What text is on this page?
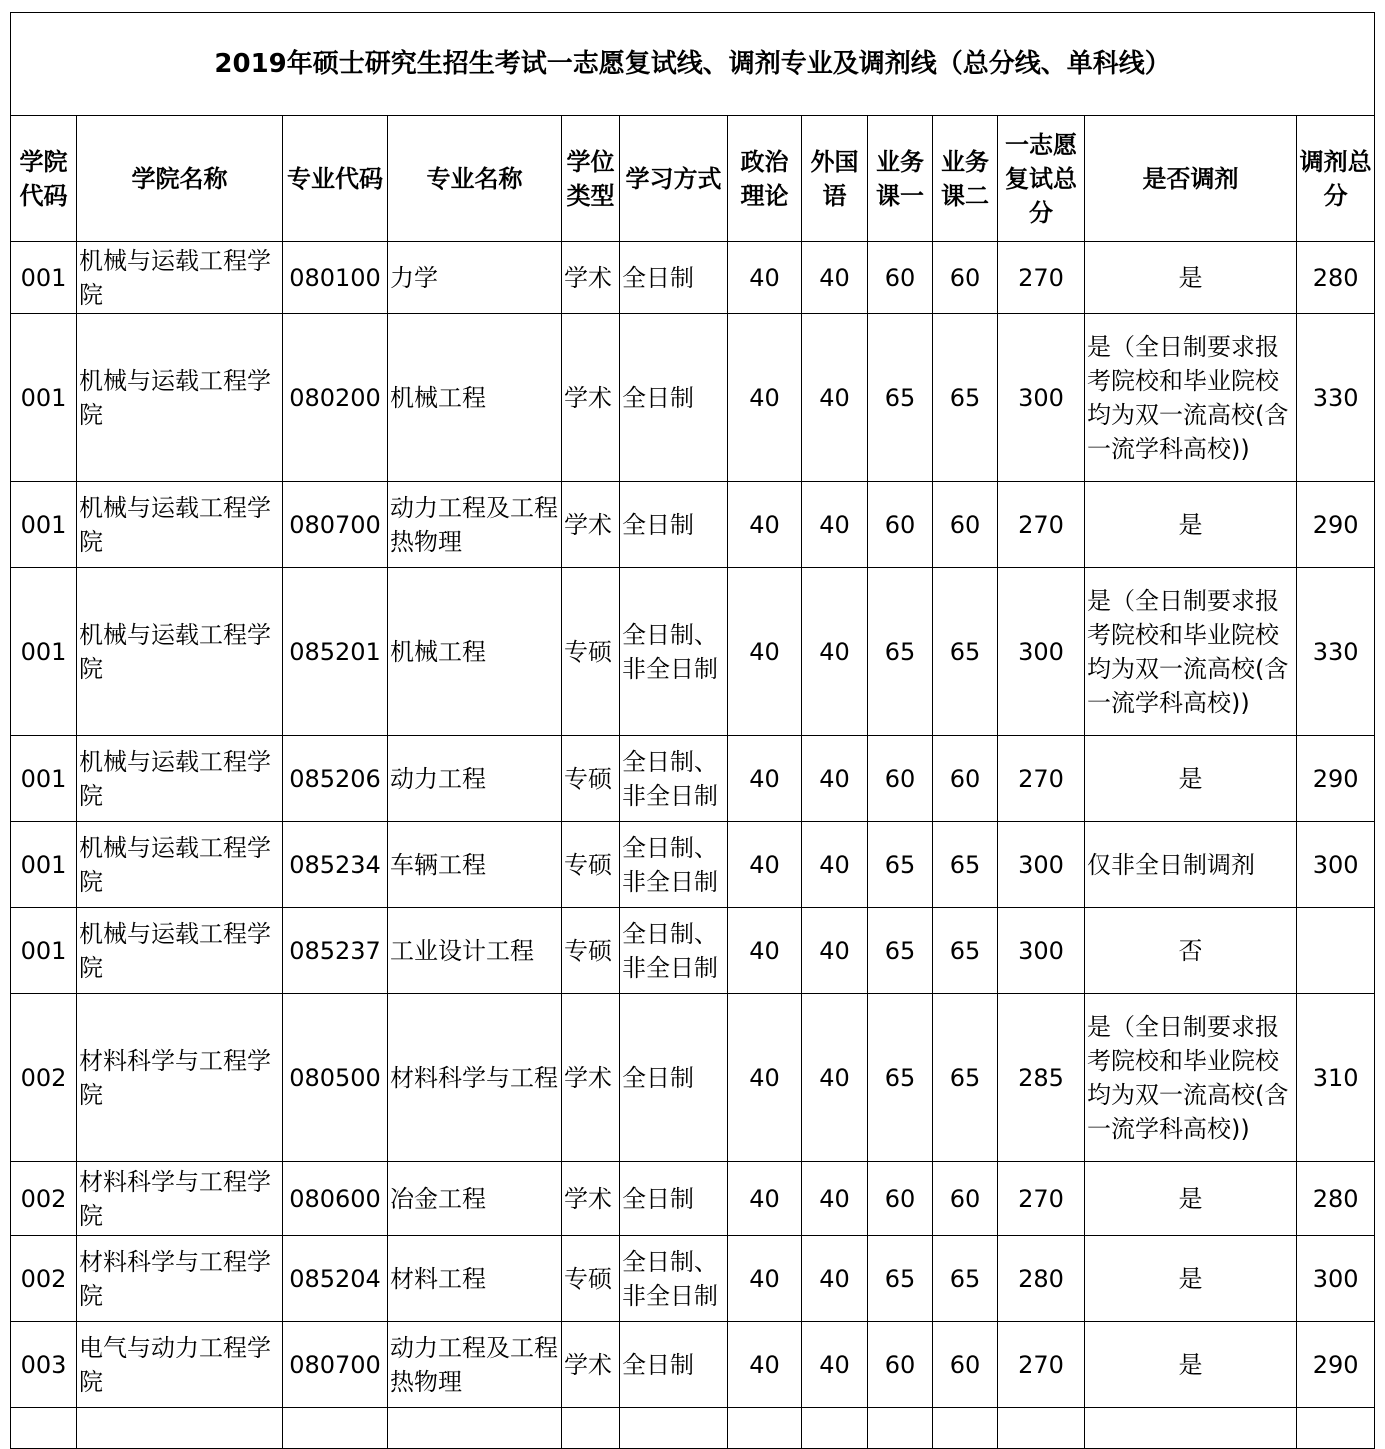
2019年硕士研究生招生考试一志愿复试线、调剂专业及调剂线（总分线、单科线）												
学院代码	学院名称	专业代码	专业名称	学位类型	学习方式	政治理论	外国语	业务课一	业务课二	一志愿复试总分	是否调剂	调剂总分
001	机械与运载工程学院	080100	力学	学术	全日制	40	40	60	60	270	是	280
001	机械与运载工程学院	080200	机械工程	学术	全日制	40	40	65	65	300	是（全日制要求报考院校和毕业院校均为双一流高校(含一流学科高校))	330
001	机械与运载工程学院	080700	动力工程及工程热物理	学术	全日制	40	40	60	60	270	是	290
001	机械与运载工程学院	085201	机械工程	专硕	全日制、非全日制	40	40	65	65	300	是（全日制要求报考院校和毕业院校均为双一流高校(含一流学科高校))	330
001	机械与运载工程学院	085206	动力工程	专硕	全日制、非全日制	40	40	60	60	270	是	290
001	机械与运载工程学院	085234	车辆工程	专硕	全日制、非全日制	40	40	65	65	300	仅非全日制调剂	300
001	机械与运载工程学院	085237	工业设计工程	专硕	全日制、非全日制	40	40	65	65	300	否	
002	材料科学与工程学院	080500	材料科学与工程	学术	全日制	40	40	65	65	285	是（全日制要求报考院校和毕业院校均为双一流高校(含一流学科高校))	310
002	材料科学与工程学院	080600	冶金工程	学术	全日制	40	40	60	60	270	是	280
002	材料科学与工程学院	085204	材料工程	专硕	全日制、非全日制	40	40	65	65	280	是	300
003	电气与动力工程学院	080700	动力工程及工程热物理	学术	全日制	40	40	60	60	270	是	290
